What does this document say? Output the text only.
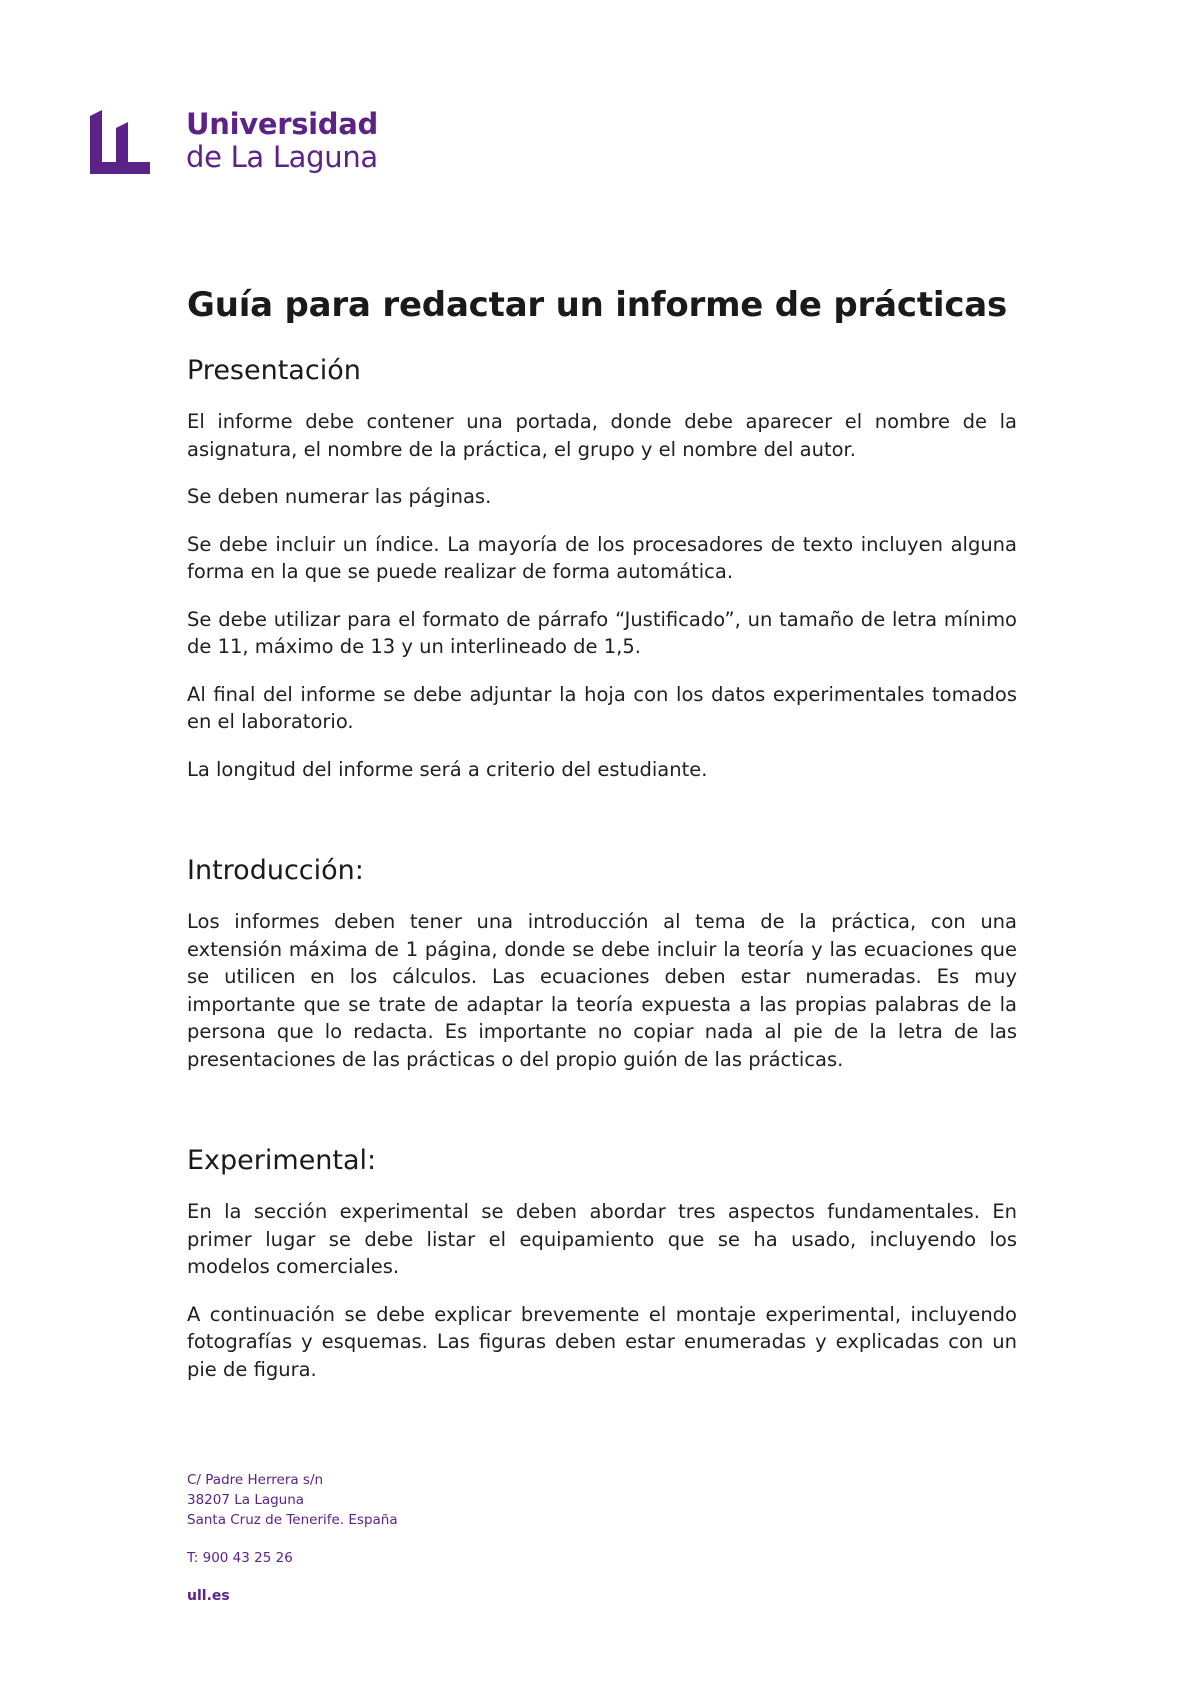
Universidad
de La Laguna
Guía para redactar un informe de prácticas
Presentación

El informe debe contener una portada, donde debe aparecer el nombre de la asignatura, el nombre de la práctica, el grupo y el nombre del autor.

Se deben numerar las páginas.

Se debe incluir un índice. La mayoría de los procesadores de texto incluyen alguna forma en la que se puede realizar de forma automática.

Se debe utilizar para el formato de párrafo “Justificado”, un tamaño de letra mínimo de 11, máximo de 13 y un interlineado de 1,5.

Al final del informe se debe adjuntar la hoja con los datos experimentales tomados en el laboratorio.

La longitud del informe será a criterio del estudiante.

Introducción:

Los informes deben tener una introducción al tema de la práctica, con una extensión máxima de 1 página, donde se debe incluir la teoría y las ecuaciones que se utilicen en los cálculos. Las ecuaciones deben estar numeradas. Es muy importante que se trate de adaptar la teoría expuesta a las propias palabras de la persona que lo redacta. Es importante no copiar nada al pie de la letra de las presentaciones de las prácticas o del propio guión de las prácticas.

Experimental:

En la sección experimental se deben abordar tres aspectos fundamentales. En primer lugar se debe listar el equipamiento que se ha usado, incluyendo los modelos comerciales.

A continuación se debe explicar brevemente el montaje experimental, incluyendo fotografías y esquemas. Las figuras deben estar enumeradas y explicadas con un pie de figura.

C/ Padre Herrera s/n
38207 La Laguna
Santa Cruz de Tenerife. España
T: 900 43 25 26
ull.es
